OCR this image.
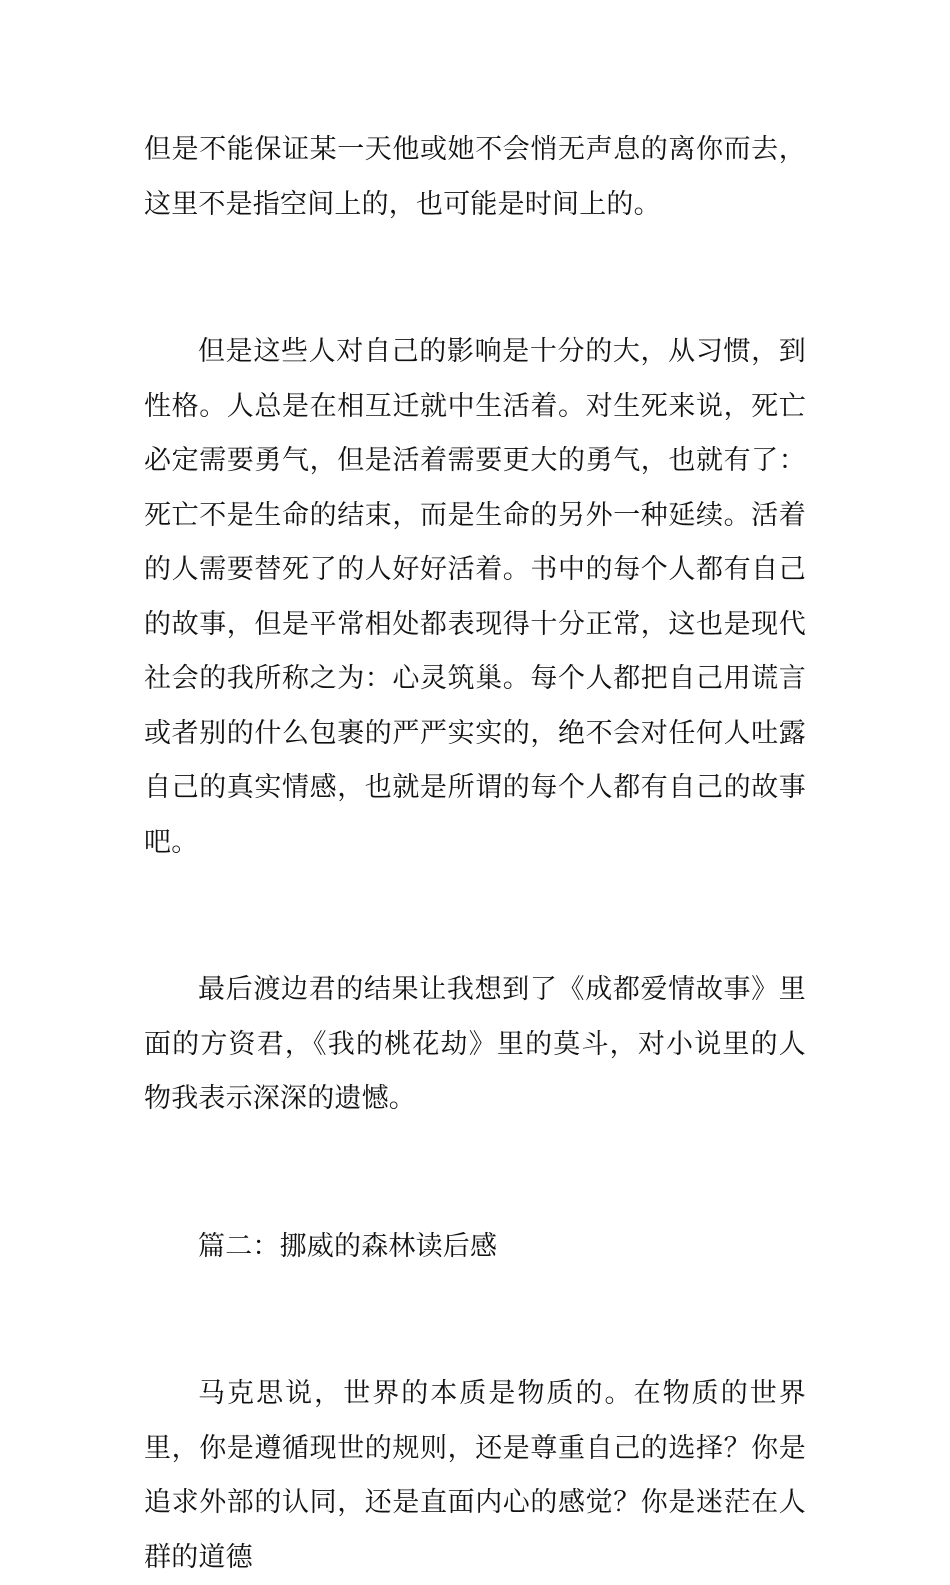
但是不能保证某一天他或她不会悄无声息的离你而去，这里不是指空间上的，也可能是时间上的。

但是这些人对自己的影响是十分的大，从习惯，到性格。人总是在相互迁就中生活着。对生死来说，死亡必定需要勇气，但是活着需要更大的勇气，也就有了：死亡不是生命的结束，而是生命的另外一种延续。活着的人需要替死了的人好好活着。书中的每个人都有自己的故事，但是平常相处都表现得十分正常，这也是现代社会的我所称之为：心灵筑巢。每个人都把自己用谎言或者别的什么包裹的严严实实的，绝不会对任何人吐露自己的真实情感，也就是所谓的每个人都有自己的故事吧。

最后渡边君的结果让我想到了《成都爱情故事》里面的方资君，《我的桃花劫》里的莫斗，对小说里的人物我表示深深的遗憾。

篇二：挪威的森林读后感

马克思说，世界的本质是物质的。在物质的世界里，你是遵循现世的规则，还是尊重自己的选择？你是追求外部的认同，还是直面内心的感觉？你是迷茫在人群的道德
